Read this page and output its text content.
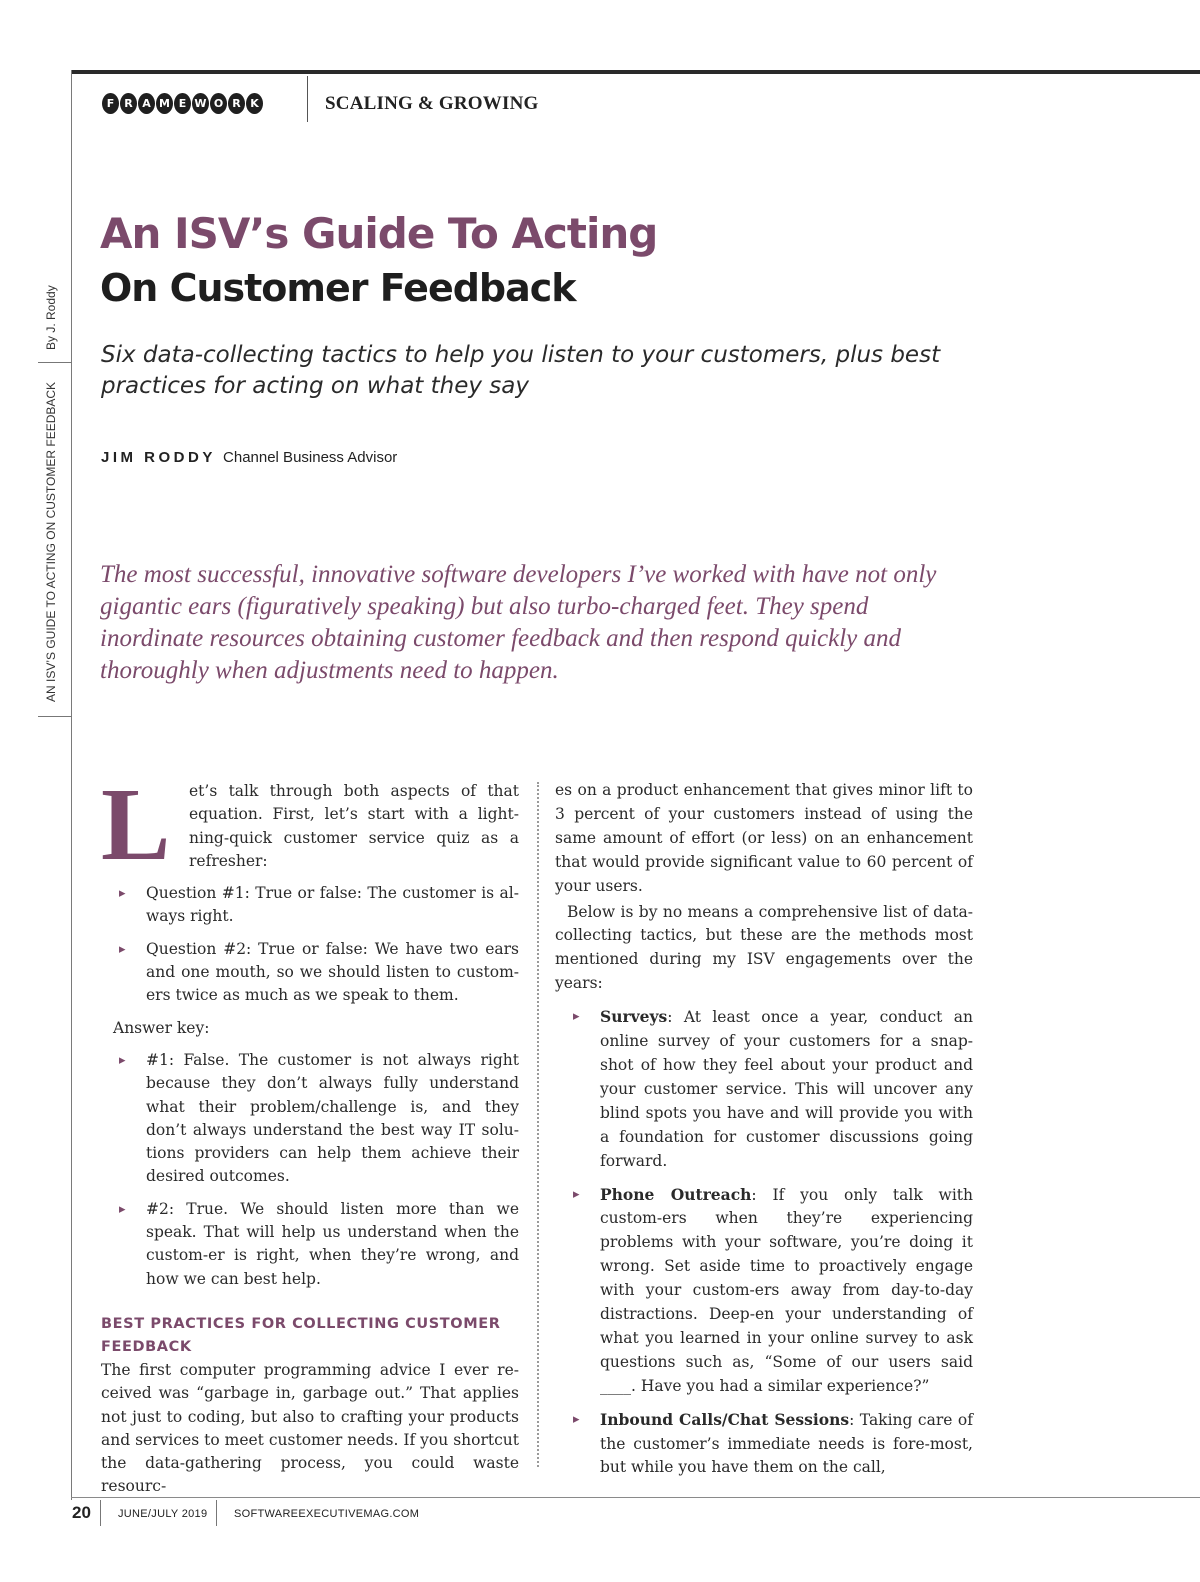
F R A M E W O R K	SCALING & GROWING
By J. Roddy
AN ISV’S GUIDE TO ACTING ON CUSTOMER FEEDBACK
An ISV’s Guide To Acting
On Customer Feedback

Six data-collecting tactics to help you listen to your customers, plus best practices for acting on what they say

JIM RODDY Channel Business Advisor

The most successful, innovative software developers I’ve worked with have not only gigantic ears (figuratively speaking) but also turbo-charged feet. They spend inordinate resources obtaining customer feedback and then respond quickly and thoroughly when adjustments need to happen.

L	et’s talk through both aspects of that equation. First, let’s start with a light-ning-quick customer service quiz as a refresher:

▸ Question #1: True or false: The customer is al-ways right.

▸ Question #2: True or false: We have two ears and one mouth, so we should listen to custom-ers twice as much as we speak to them.

Answer key:

▸ #1: False. The customer is not always right because they don’t always fully understand what their problem/challenge is, and they don’t always understand the best way IT solu-tions providers can help them achieve their desired outcomes.

▸ #2: True. We should listen more than we speak. That will help us understand when the custom-er is right, when they’re wrong, and how we can best help.

BEST PRACTICES FOR COLLECTING CUSTOMER FEEDBACK

The first computer programming advice I ever re-ceived was “garbage in, garbage out.” That applies not just to coding, but also to crafting your products and services to meet customer needs. If you shortcut the data-gathering process, you could waste resourc-

es on a product enhancement that gives minor lift to 3 percent of your customers instead of using the same amount of effort (or less) on an enhancement that would provide significant value to 60 percent of your users.

Below is by no means a comprehensive list of data-collecting tactics, but these are the methods most mentioned during my ISV engagements over the years:

▸ Surveys: At least once a year, conduct an online survey of your customers for a snap-shot of how they feel about your product and your customer service. This will uncover any blind spots you have and will provide you with a foundation for customer discussions going forward.

▸ Phone Outreach: If you only talk with custom-ers when they’re experiencing problems with your software, you’re doing it wrong. Set aside time to proactively engage with your custom-ers away from day-to-day distractions. Deep-en your understanding of what you learned in your online survey to ask questions such as, “Some of our users said ____. Have you had a similar experience?”

▸ Inbound Calls/Chat Sessions: Taking care of the customer’s immediate needs is fore-most, but while you have them on the call,

20 JUNE/JULY 2019 SOFTWAREEXECUTIVEMAG.COM
